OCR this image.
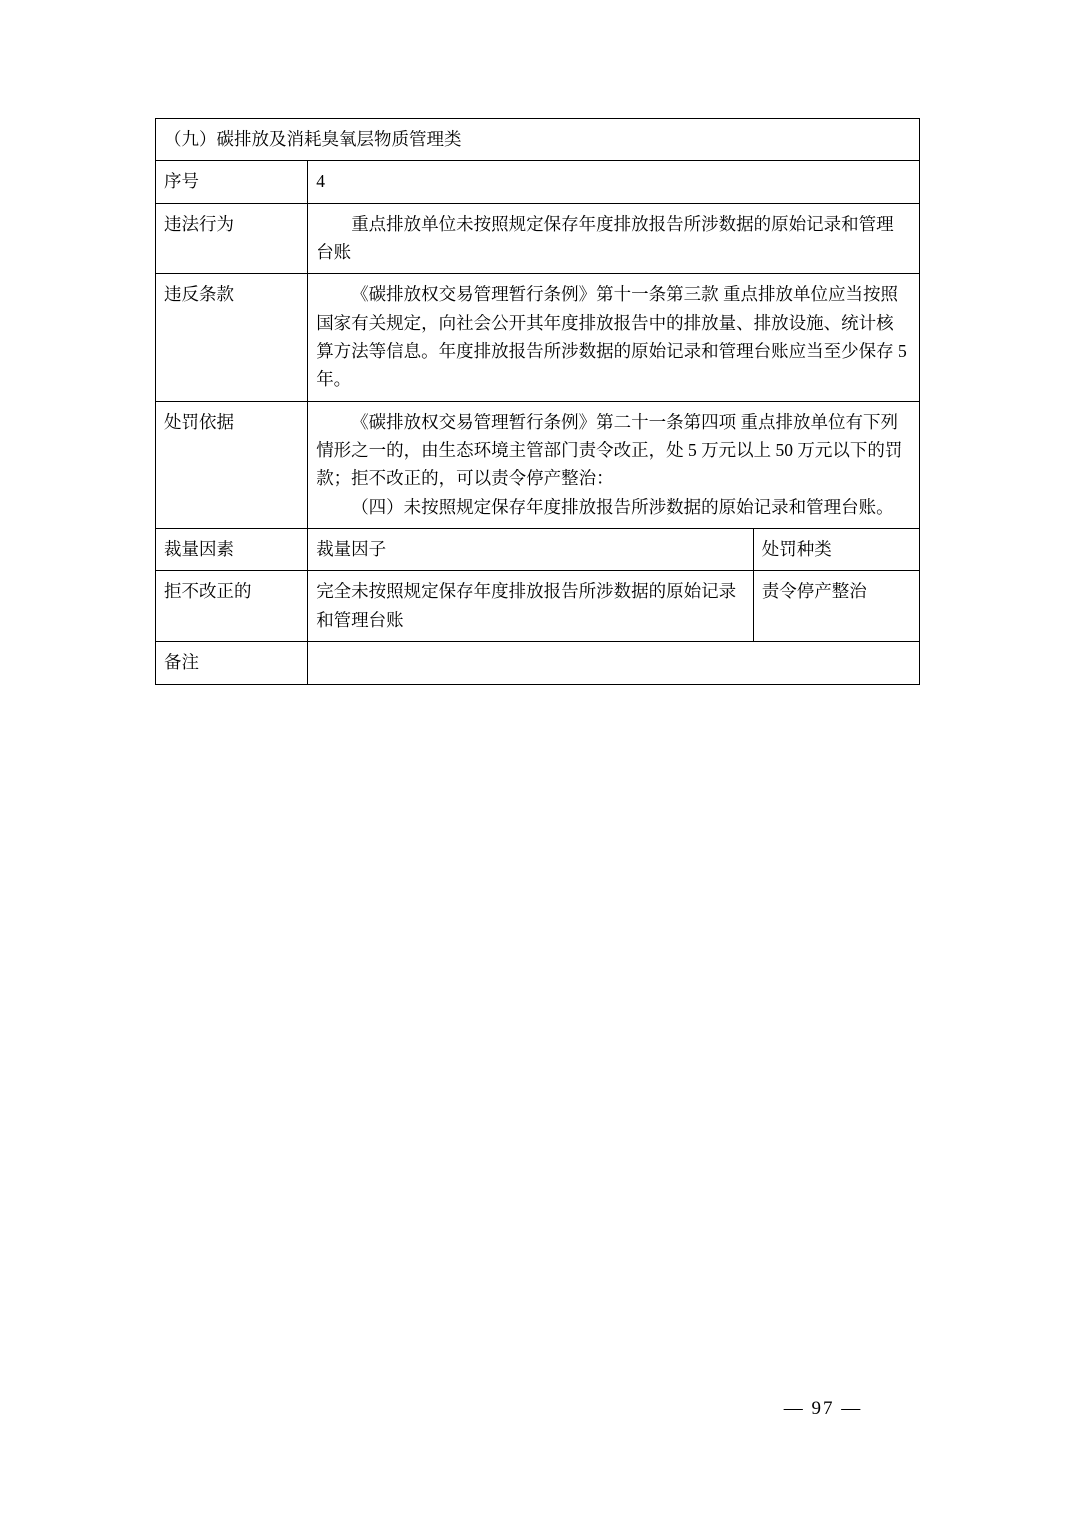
（九）碳排放及消耗臭氧层物质管理类		

序号	4	

违法行为	重点排放单位未按照规定保存年度排放报告所涉数据的原始记录和管理台账	

违反条款	《碳排放权交易管理暂行条例》第十一条第三款 重点排放单位应当按照国家有关规定，向社会公开其年度排放报告中的排放量、排放设施、统计核算方法等信息。年度排放报告所涉数据的原始记录和管理台账应当至少保存 5 年。	

处罚依据	《碳排放权交易管理暂行条例》第二十一条第四项 重点排放单位有下列情形之一的，由生态环境主管部门责令改正，处 5 万元以上 50 万元以下的罚款；拒不改正的，可以责令停产整治：
（四）未按照规定保存年度排放报告所涉数据的原始记录和管理台账。	

裁量因素	裁量因子	处罚种类

拒不改正的	完全未按照规定保存年度排放报告所涉数据的原始记录和管理台账	责令停产整治

备注		

— 97 —
